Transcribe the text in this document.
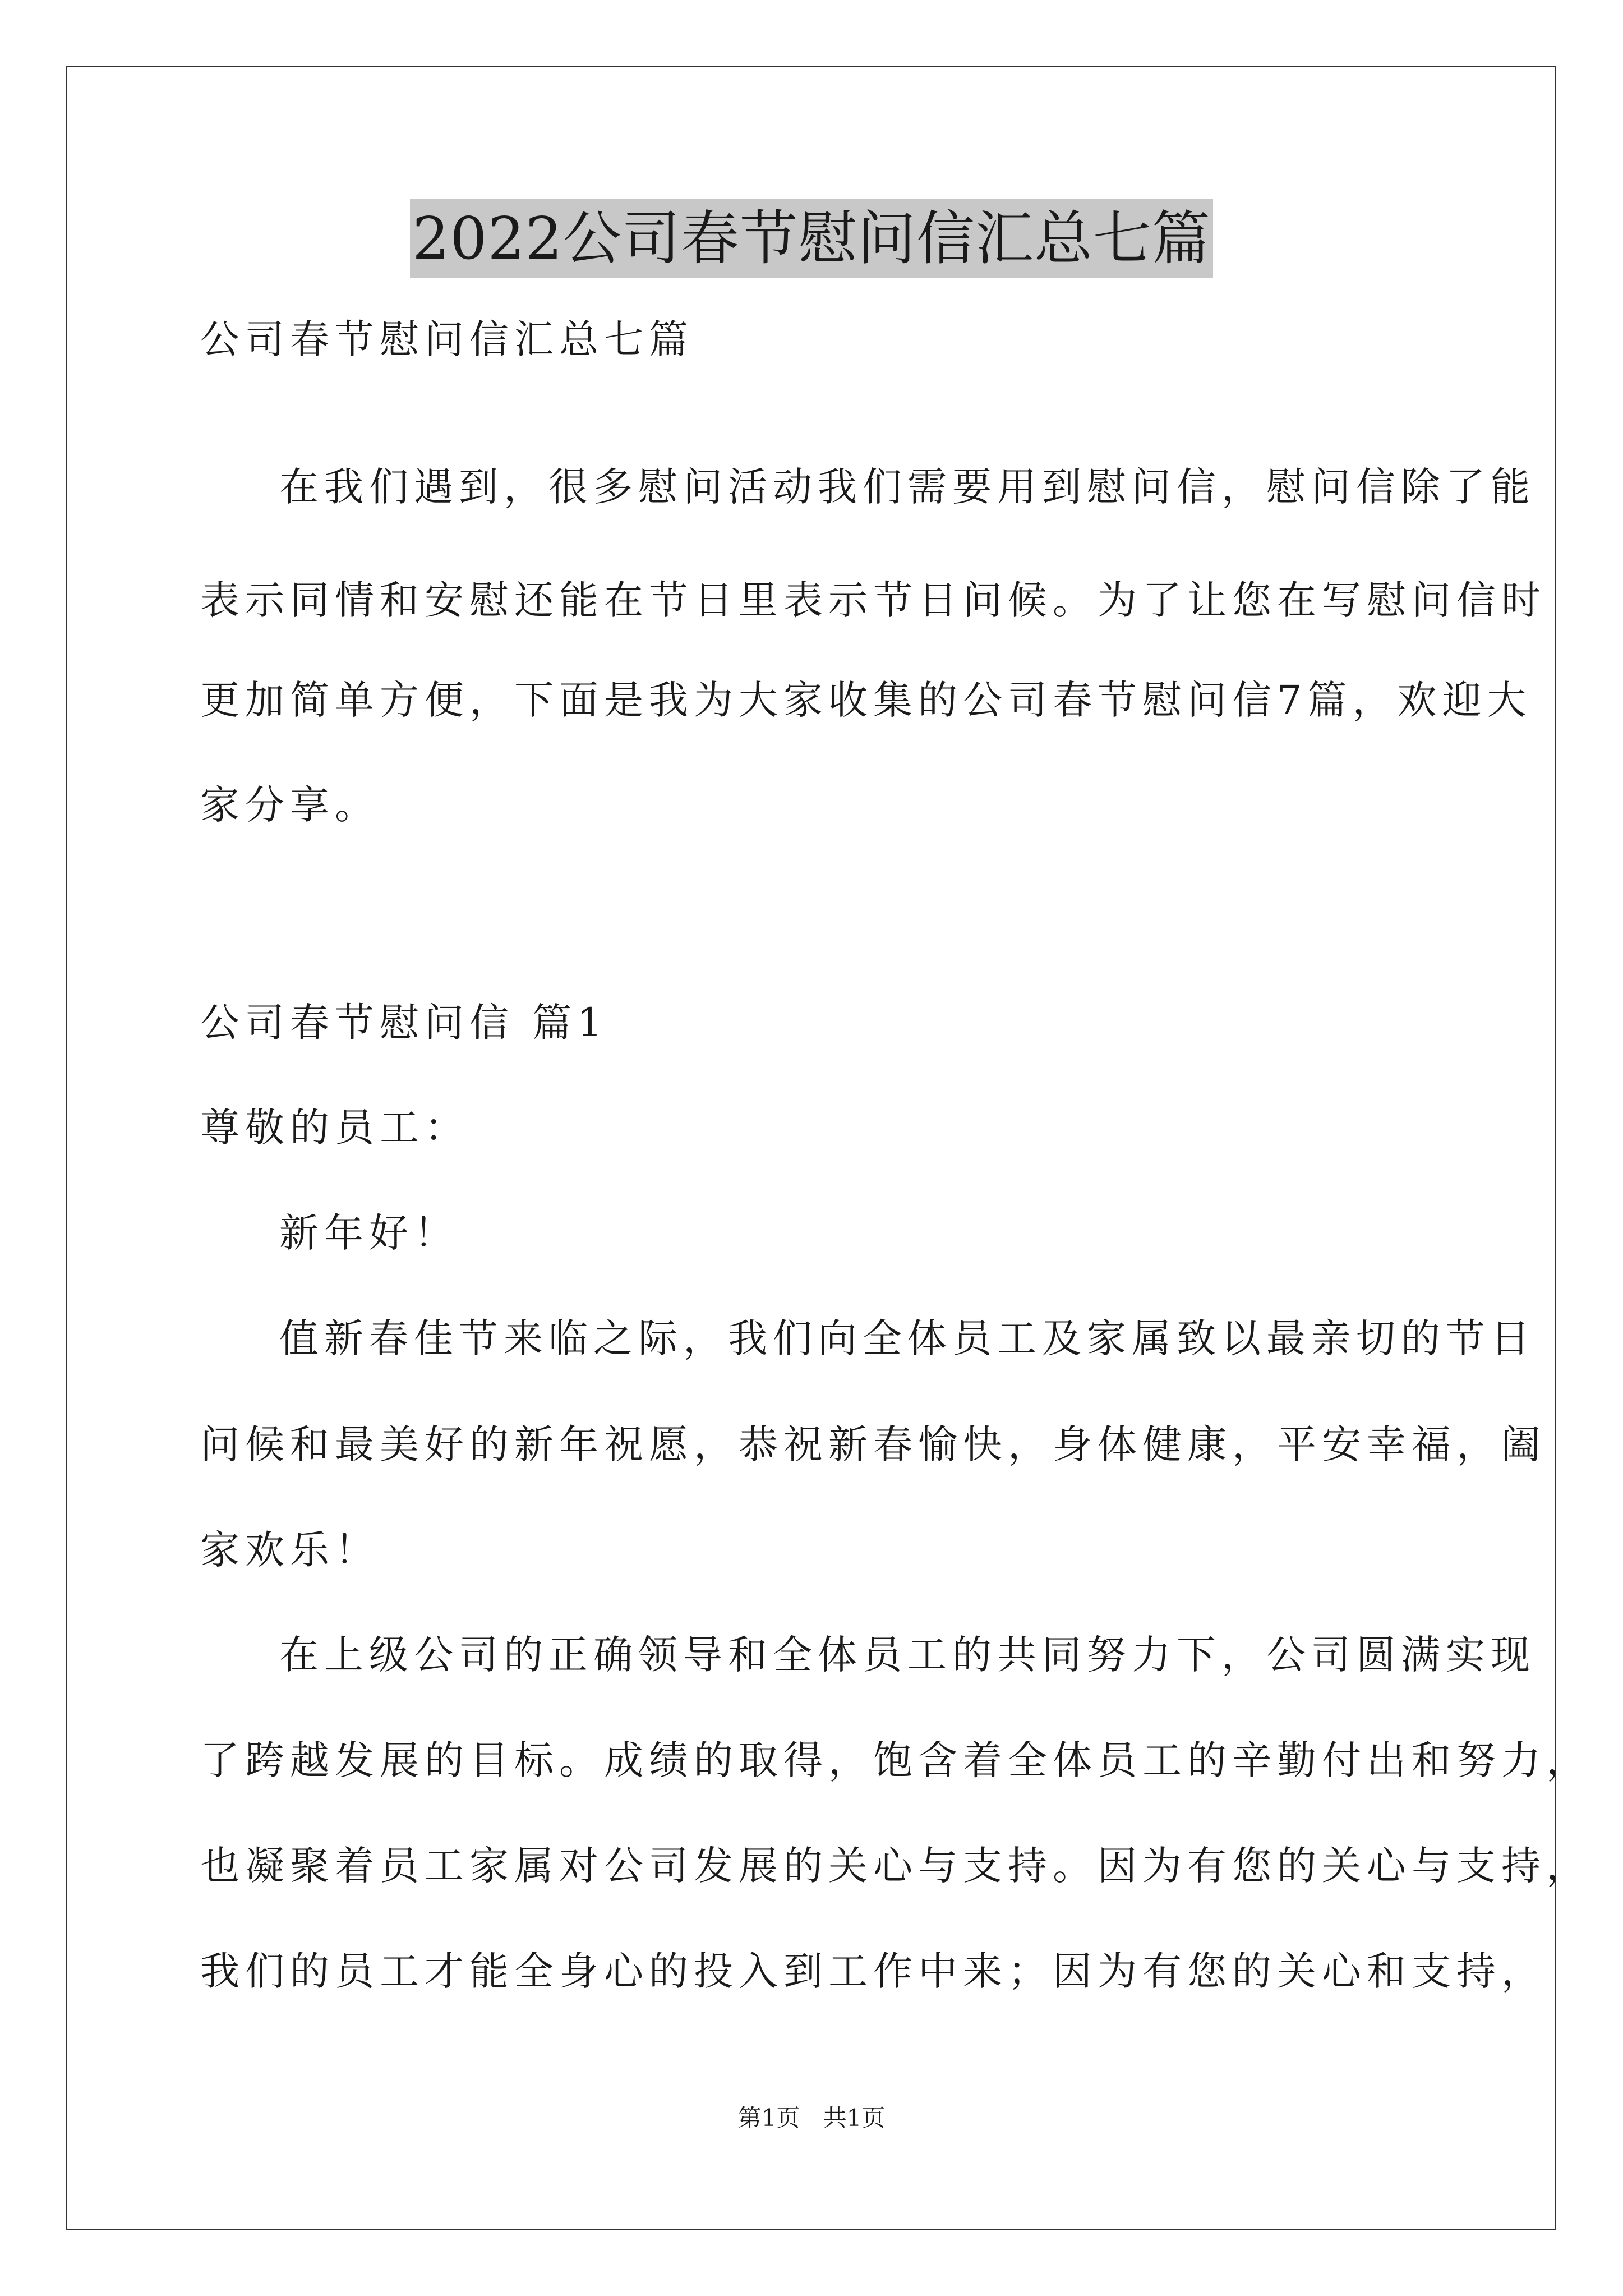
2022公司春节慰问信汇总七篇
公司春节慰问信汇总七篇
在我们遇到，很多慰问活动我们需要用到慰问信，慰问信除了能
表示同情和安慰还能在节日里表示节日问候。为了让您在写慰问信时
更加简单方便，下面是我为大家收集的公司春节慰问信7篇，欢迎大
家分享。
公司春节慰问信 篇1
尊敬的员工：
新年好！
值新春佳节来临之际，我们向全体员工及家属致以最亲切的节日
问候和最美好的新年祝愿，恭祝新春愉快，身体健康，平安幸福，阖
家欢乐！
在上级公司的正确领导和全体员工的共同努力下，公司圆满实现
了跨越发展的目标。成绩的取得，饱含着全体员工的辛勤付出和努力，
也凝聚着员工家属对公司发展的关心与支持。因为有您的关心与支持，
我们的员工才能全身心的投入到工作中来；因为有您的关心和支持，
第1页 共1页
